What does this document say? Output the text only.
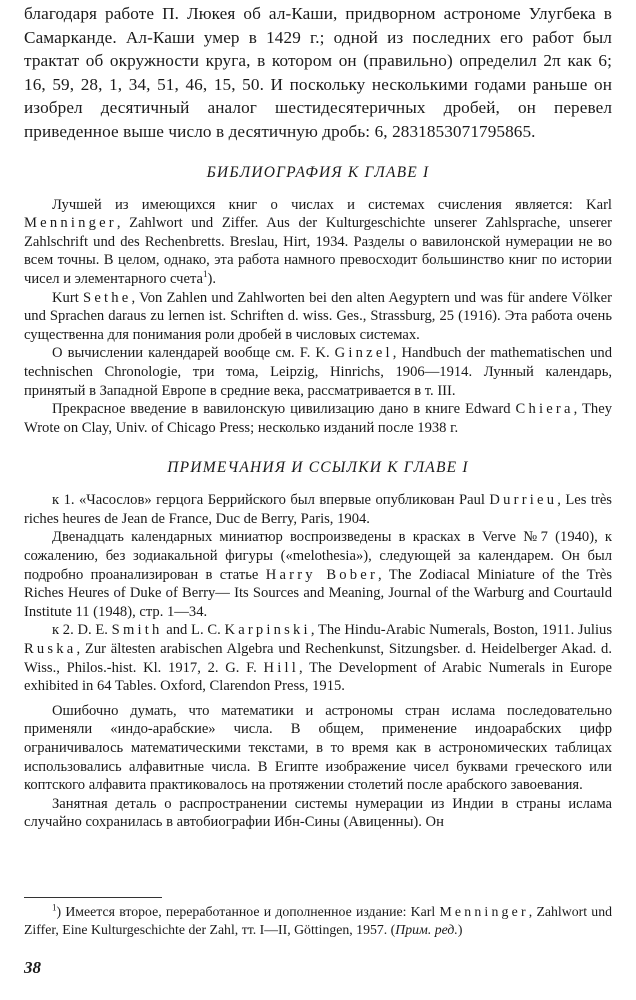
благодаря работе П. Люкея об ал-Каши, придворном астрономе Улугбека в Самарканде. Ал-Каши умер в 1429 г.; одной из последних его работ был трактат об окружности круга, в котором он (правильно) определил 2π как 6; 16, 59, 28, 1, 34, 51, 46, 15, 50. И поскольку несколькими годами раньше он изобрел десятичный аналог шестидесятеричных дробей, он перевел приведенное выше число в десятичную дробь: 6, 2831853071795865.

БИБЛИОГРАФИЯ К ГЛАВЕ I

Лучшей из имеющихся книг о числах и системах счисления является: Karl Menninger, Zahlwort und Ziffer. Aus der Kulturgeschichte unserer Zahlsprache, unserer Zahlschrift und des Rechenbretts. Breslau, Hirt, 1934. Разделы о вавилонской нумерации не во всем точны. В целом, однако, эта работа намного превосходит большинство книг по истории чисел и элементарного счета$^1$).

Kurt Sethe, Von Zahlen und Zahlworten bei den alten Aegyptern und was für andere Völker und Sprachen daraus zu lernen ist. Schriften d. wiss. Ges., Strassburg, 25 (1916). Эта работа очень существенна для понимания роли дробей в числовых системах.

О вычислении календарей вообще см. F. K. Ginzel, Handbuch der mathematischen und technischen Chronologie, три тома, Leipzig, Hinrichs, 1906—1914. Лунный календарь, принятый в Западной Европе в средние века, рассматривается в т. III.

Прекрасное введение в вавилонскую цивилизацию дано в книге Edward Chiera, They Wrote on Clay, Univ. of Chicago Press; несколько изданий после 1938 г.

ПРИМЕЧАНИЯ И ССЫЛКИ К ГЛАВЕ I

к 1. «Часослов» герцога Беррийского был впервые опубликован Paul Durrieu, Les très riches heures de Jean de France, Duc de Berry, Paris, 1904.

Двенадцать календарных миниатюр воспроизведены в красках в Verve №7 (1940), к сожалению, без зодиакальной фигуры («melothesia»), следующей за календарем. Он был подробно проанализирован в статье Harry Bober, The Zodiacal Miniature of the Très Riches Heures of Duke of Berry— Its Sources and Meaning, Journal of the Warburg and Courtauld Institute 11 (1948), стр. 1—34.

к 2. D. E. Smith and L. C. Karpinski, The Hindu-Arabic Numerals, Boston, 1911. Julius Ruska, Zur ältesten arabischen Algebra und Rechenkunst, Sitzungsber. d. Heidelberger Akad. d. Wiss., Philos.-hist. Kl. 1917, 2. G. F. Hill, The Development of Arabic Numerals in Europe exhibited in 64 Tables. Oxford, Clarendon Press, 1915.

Ошибочно думать, что математики и астрономы стран ислама последовательно применяли «индо-арабские» числа. В общем, применение индоарабских цифр ограничивалось математическими текстами, в то время как в астрономических таблицах использовались алфавитные числа. В Египте изображение чисел буквами греческого или коптского алфавита практиковалось на протяжении столетий после арабского завоевания.

Занятная деталь о распространении системы нумерации из Индии в страны ислама случайно сохранилась в автобиографии Ибн-Сины (Авиценны). Он

$^1$) Имеется второе, переработанное и дополненное издание: Karl Menninger, Zahlwort und Ziffer, Eine Kulturgeschichte der Zahl, тт. I—II, Göttingen, 1957. (Прим. ред.)

38
